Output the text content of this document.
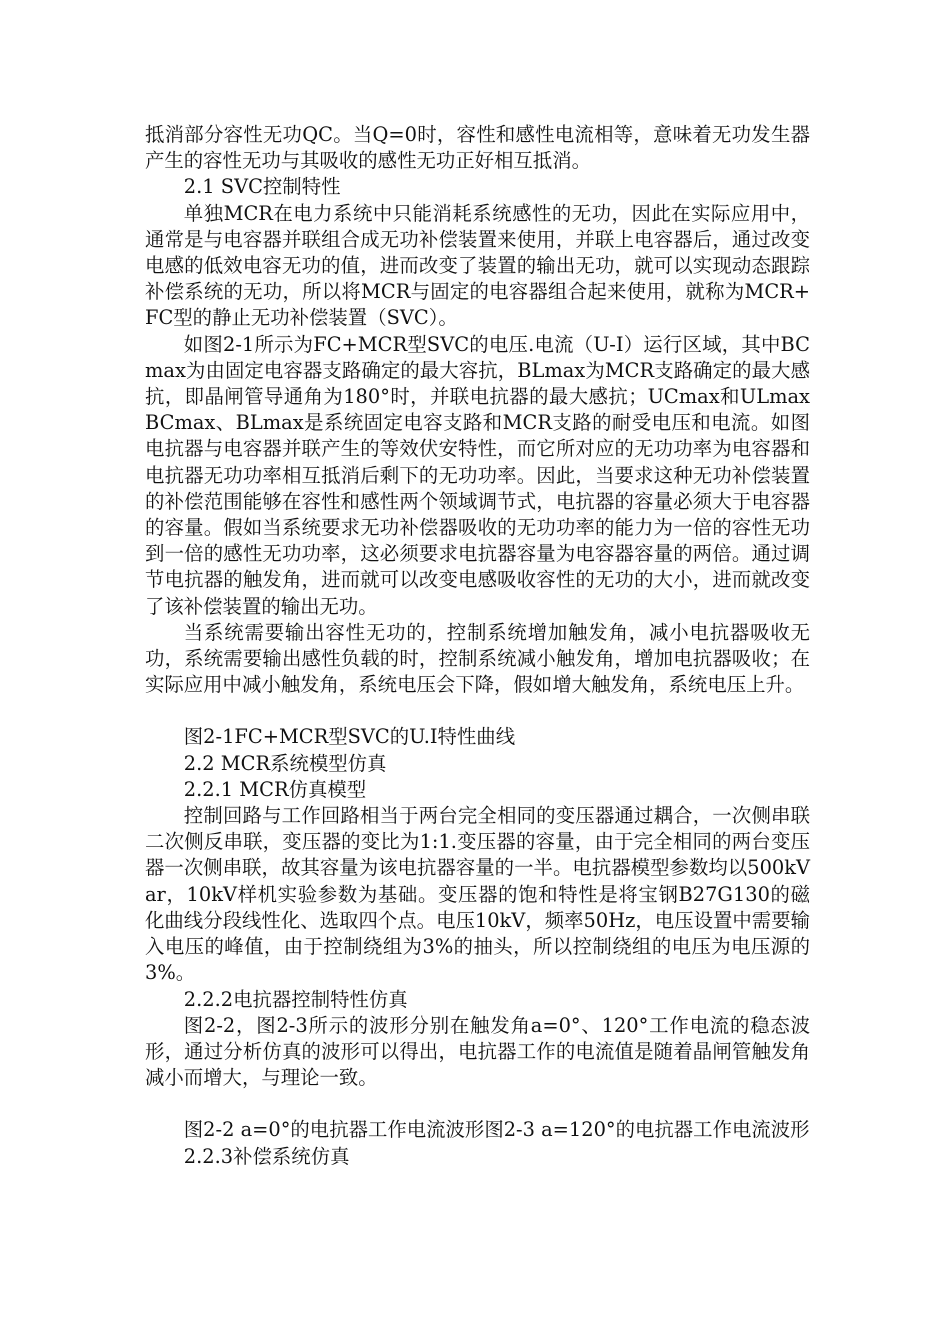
抵消部分容性无功QC。当Q=0时，容性和感性电流相等，意味着无功发生器产生的容性无功与其吸收的感性无功正好相互抵消。

2.1 SVC控制特性

单独MCR在电力系统中只能消耗系统感性的无功，因此在实际应用中，通常是与电容器并联组合成无功补偿装置来使用，并联上电容器后，通过改变电感的低效电容无功的值，进而改变了装置的输出无功，就可以实现动态跟踪补偿系统的无功，所以将MCR与固定的电容器组合起来使用，就称为MCR+FC型的静止无功补偿装置（SVC）。

如图2-1所示为FC+MCR型SVC的电压.电流（U-I）运行区域，其中BCmax为由固定电容器支路确定的最大容抗，BLmax为MCR支路确定的最大感抗，即晶闸管导通角为180°时，并联电抗器的最大感抗；UCmax和ULmax BCmax、BLmax是系统固定电容支路和MCR支路的耐受电压和电流。如图电抗器与电容器并联产生的等效伏安特性，而它所对应的无功功率为电容器和电抗器无功功率相互抵消后剩下的无功功率。因此，当要求这种无功补偿装置的补偿范围能够在容性和感性两个领域调节式，电抗器的容量必须大于电容器的容量。假如当系统要求无功补偿器吸收的无功功率的能力为一倍的容性无功到一倍的感性无功功率，这必须要求电抗器容量为电容器容量的两倍。通过调节电抗器的触发角，进而就可以改变电感吸收容性的无功的大小，进而就改变了该补偿装置的输出无功。

当系统需要输出容性无功的，控制系统增加触发角，减小电抗器吸收无功，系统需要输出感性负载的时，控制系统减小触发角，增加电抗器吸收；在实际应用中减小触发角，系统电压会下降，假如增大触发角，系统电压上升。

图2-1FC+MCR型SVC的U.I特性曲线

2.2 MCR系统模型仿真

2.2.1 MCR仿真模型

控制回路与工作回路相当于两台完全相同的变压器通过耦合，一次侧串联二次侧反串联，变压器的变比为1:1.变压器的容量，由于完全相同的两台变压器一次侧串联，故其容量为该电抗器容量的一半。电抗器模型参数均以500kVar，10kV样机实验参数为基础。变压器的饱和特性是将宝钢B27G130的磁化曲线分段线性化、选取四个点。电压10kV，频率50Hz，电压设置中需要输入电压的峰值，由于控制绕组为3%的抽头，所以控制绕组的电压为电压源的3%。

2.2.2电抗器控制特性仿真

图2-2，图2-3所示的波形分别在触发角a=0°、120°工作电流的稳态波形，通过分析仿真的波形可以得出，电抗器工作的电流值是随着晶闸管触发角减小而增大，与理论一致。

图2-2 a=0°的电抗器工作电流波形图2-3 a=120°的电抗器工作电流波形

2.2.3补偿系统仿真
